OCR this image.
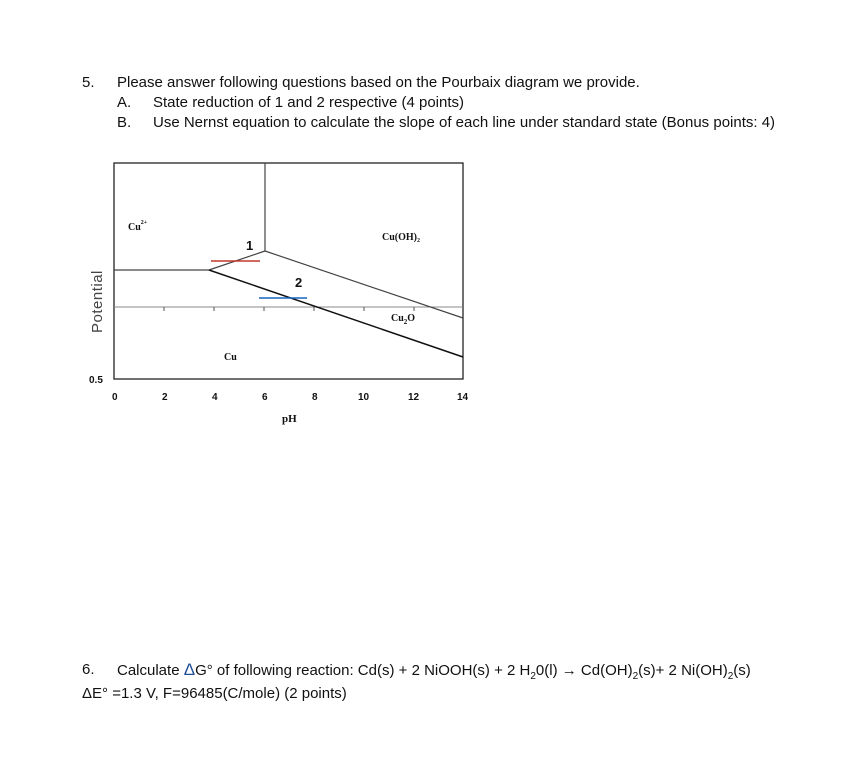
5. Please answer following questions based on the Pourbaix diagram we provide.
A. State reduction of 1 and 2 respective (4 points)
B. Use Nernst equation to calculate the slope of each line under standard state (Bonus points: 4)
$Cu^{2+}$
Cu(OH)₂
$Cu_2O$
Cu
1
2
Potential
0.5
0	2	4	6	8	10	12	14
pH
6. Calculate ΔG° of following reaction: Cd(s) + 2 NiOOH(s) + 2 $H_20(l) \to Cd(OH)_2(s)+ 2$ $Ni(OH)_2(s)$
ΔE° =1.3 V, F=96485(C/mole) (2 points)
